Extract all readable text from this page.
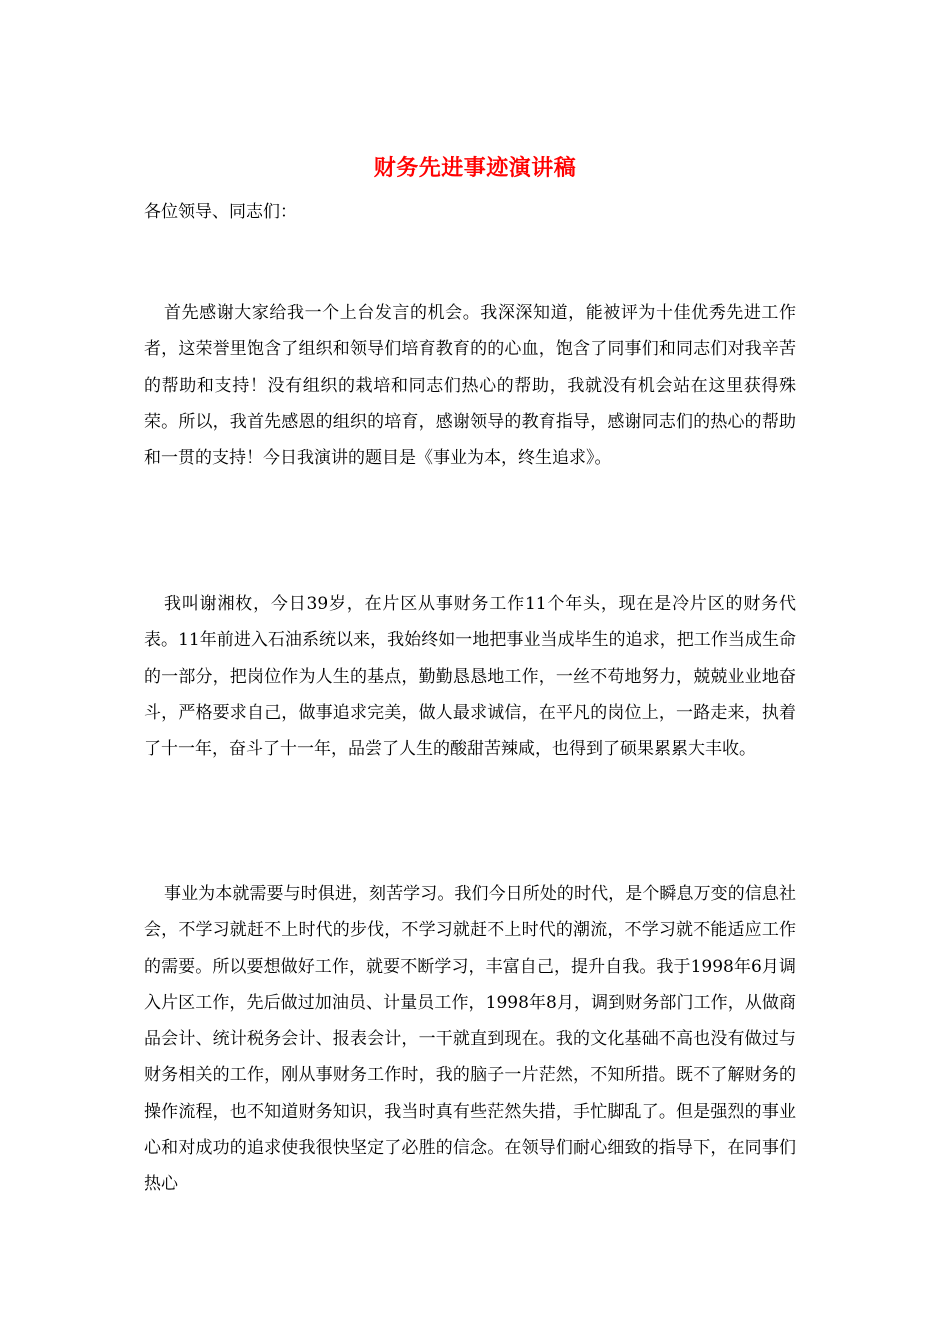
财务先进事迹演讲稿
各位领导、同志们：

首先感谢大家给我一个上台发言的机会。我深深知道，能被评为十佳优秀先进工作者，这荣誉里饱含了组织和领导们培育教育的的心血，饱含了同事们和同志们对我辛苦的帮助和支持！没有组织的栽培和同志们热心的帮助，我就没有机会站在这里获得殊荣。所以，我首先感恩的组织的培育，感谢领导的教育指导，感谢同志们的热心的帮助和一贯的支持！今日我演讲的题目是《事业为本，终生追求》。

我叫谢湘枚，今日39岁，在片区从事财务工作11个年头，现在是冷片区的财务代表。11年前进入石油系统以来，我始终如一地把事业当成毕生的追求，把工作当成生命的一部分，把岗位作为人生的基点，勤勤恳恳地工作，一丝不苟地努力，兢兢业业地奋斗，严格要求自己，做事追求完美，做人最求诚信，在平凡的岗位上，一路走来，执着了十一年，奋斗了十一年，品尝了人生的酸甜苦辣咸，也得到了硕果累累大丰收。

事业为本就需要与时俱进，刻苦学习。我们今日所处的时代，是个瞬息万变的信息社会，不学习就赶不上时代的步伐，不学习就赶不上时代的潮流，不学习就不能适应工作的需要。所以要想做好工作，就要不断学习，丰富自己，提升自我。我于1998年6月调入片区工作，先后做过加油员、计量员工作，1998年8月，调到财务部门工作，从做商品会计、统计税务会计、报表会计，一干就直到现在。我的文化基础不高也没有做过与财务相关的工作，刚从事财务工作时，我的脑子一片茫然，不知所措。既不了解财务的操作流程，也不知道财务知识，我当时真有些茫然失措，手忙脚乱了。但是强烈的事业心和对成功的追求使我很快坚定了必胜的信念。在领导们耐心细致的指导下，在同事们热心
